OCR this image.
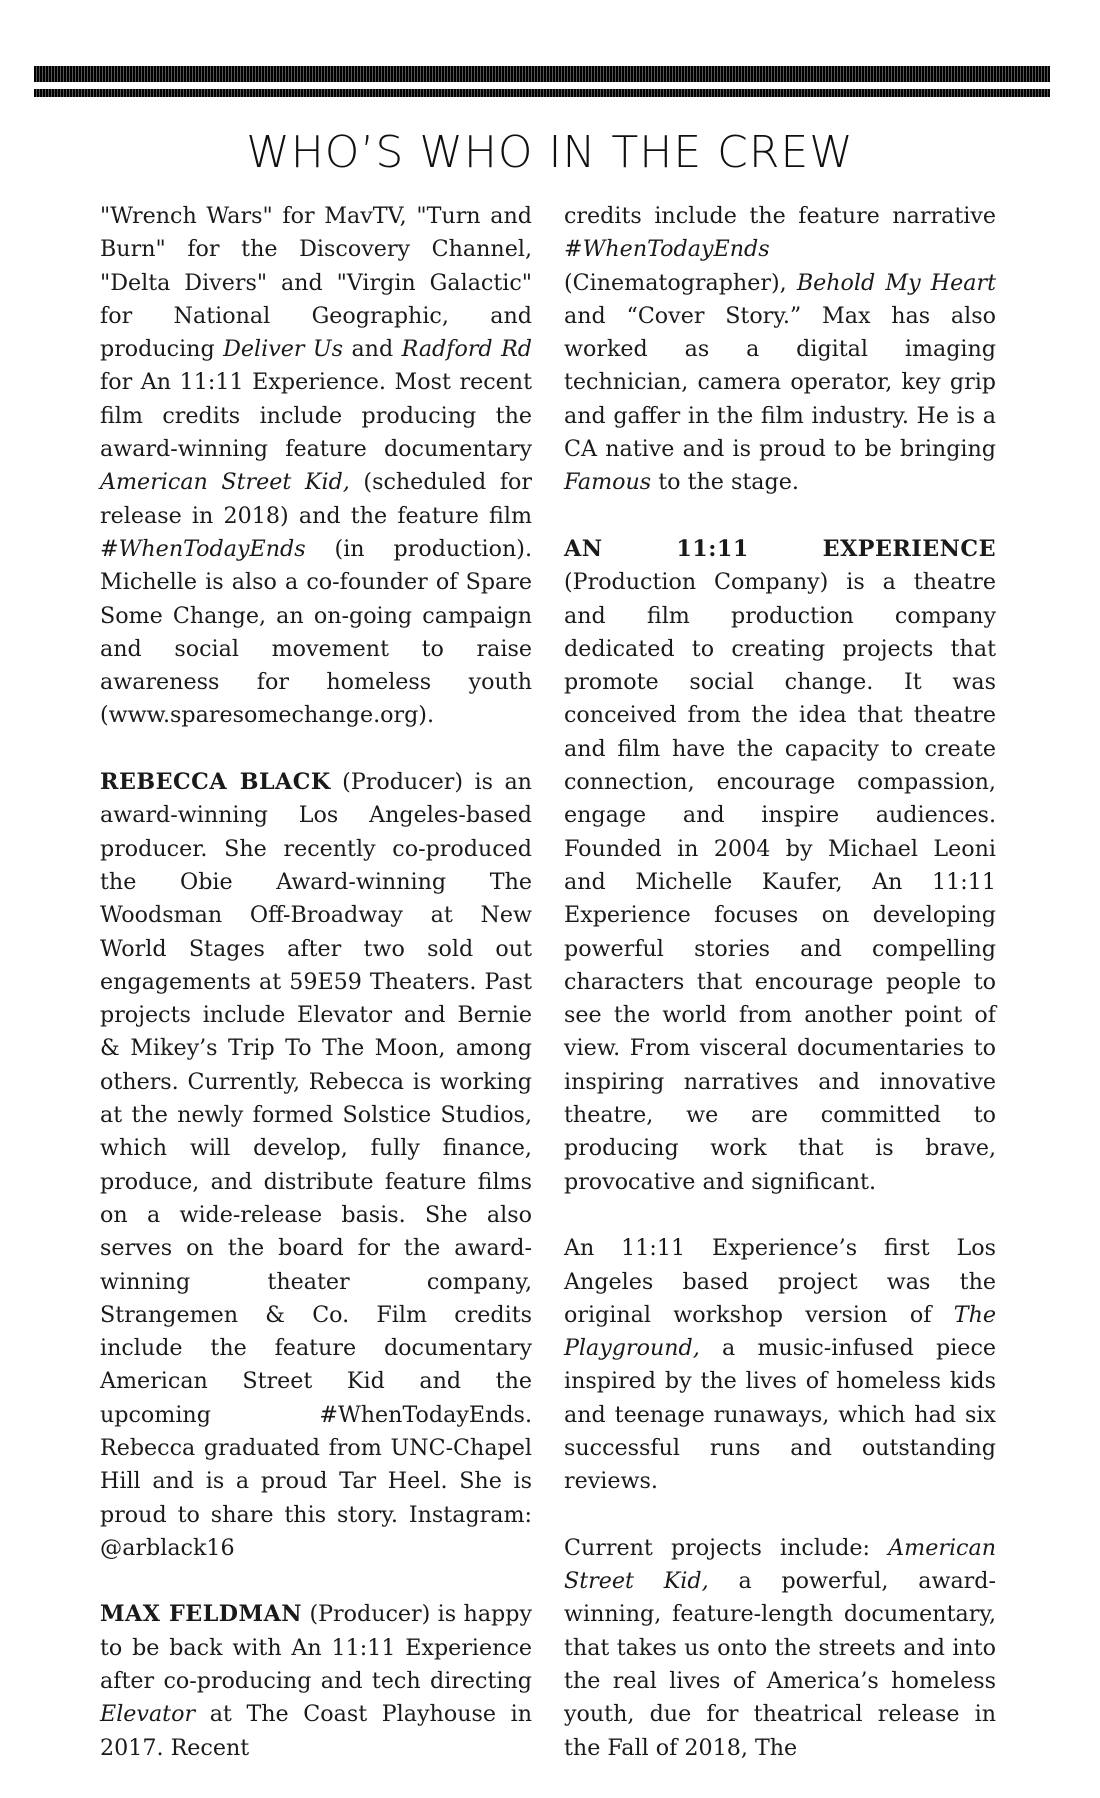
WHO’S WHO IN THE CREW

"Wrench Wars" for MavTV, "Turn and Burn" for the Discovery Channel, "Delta Divers" and "Virgin Galactic" for National Geographic, and producing Deliver Us and Radford Rd for An 11:11 Experience. Most recent film credits include producing the award-winning feature documentary American Street Kid, (scheduled for release in 2018) and the feature film #WhenTodayEnds (in production). Michelle is also a co-founder of Spare Some Change, an on-going campaign and social movement to raise awareness for homeless youth (www.sparesomechange.org).

REBECCA BLACK (Producer) is an award-winning Los Angeles-based producer. She recently co-produced the Obie Award-winning The Woodsman Off-Broadway at New World Stages after two sold out engagements at 59E59 Theaters. Past projects include Elevator and Bernie & Mikey’s Trip To The Moon, among others. Currently, Rebecca is working at the newly formed Solstice Studios, which will develop, fully finance, produce, and distribute feature films on a wide-release basis. She also serves on the board for the award-winning theater company, Strangemen & Co. Film credits include the feature documentary American Street Kid and the upcoming #WhenTodayEnds. Rebecca graduated from UNC-Chapel Hill and is a proud Tar Heel. She is proud to share this story. Instagram: @arblack16

MAX FELDMAN (Producer) is happy to be back with An 11:11 Experience after co-producing and tech directing Elevator at The Coast Playhouse in 2017. Recent

credits include the feature narrative #WhenTodayEnds (Cinematographer), Behold My Heart and “Cover Story.” Max has also worked as a digital imaging technician, camera operator, key grip and gaffer in the film industry. He is a CA native and is proud to be bringing Famous to the stage.

AN 11:11 EXPERIENCE (Production Company) is a theatre and film production company dedicated to creating projects that promote social change. It was conceived from the idea that theatre and film have the capacity to create connection, encourage compassion, engage and inspire audiences. Founded in 2004 by Michael Leoni and Michelle Kaufer, An 11:11 Experience focuses on developing powerful stories and compelling characters that encourage people to see the world from another point of view. From visceral documentaries to inspiring narratives and innovative theatre, we are committed to producing work that is brave, provocative and significant.

An 11:11 Experience’s first Los Angeles based project was the original workshop version of The Playground, a music-infused piece inspired by the lives of homeless kids and teenage runaways, which had six successful runs and outstanding reviews.

Current projects include: American Street Kid, a powerful, award-winning, feature-length documentary, that takes us onto the streets and into the real lives of America’s homeless youth, due for theatrical release in the Fall of 2018, The
